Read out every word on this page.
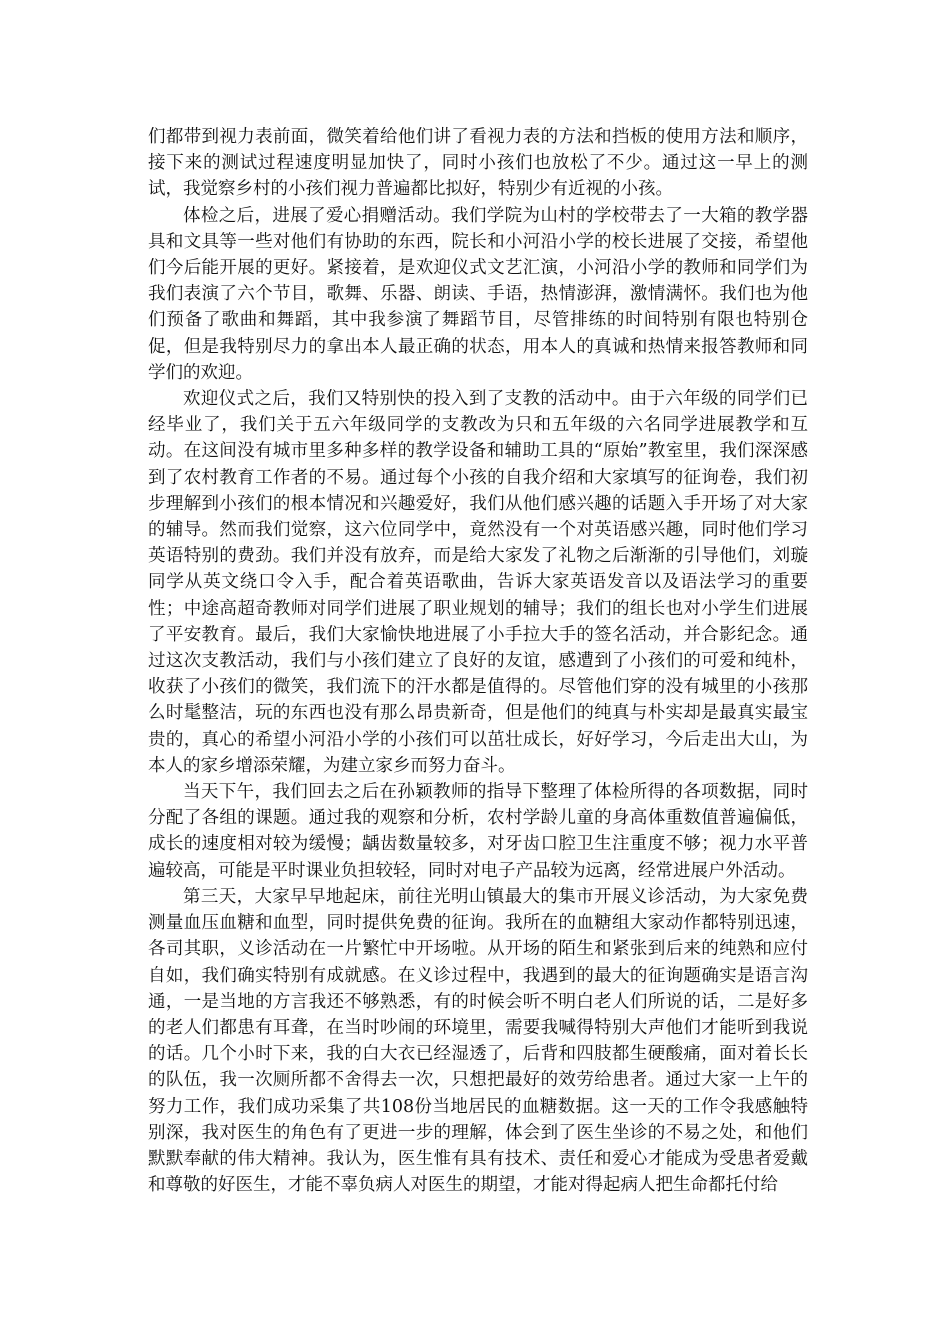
们都带到视力表前面，微笑着给他们讲了看视力表的方法和挡板的使用方法和顺序，接下来的测试过程速度明显加快了，同时小孩们也放松了不少。通过这一早上的测试，我觉察乡村的小孩们视力普遍都比拟好，特别少有近视的小孩。

体检之后，进展了爱心捐赠活动。我们学院为山村的学校带去了一大箱的教学器具和文具等一些对他们有协助的东西，院长和小河沿小学的校长进展了交接，希望他们今后能开展的更好。紧接着，是欢迎仪式文艺汇演，小河沿小学的教师和同学们为我们表演了六个节目，歌舞、乐器、朗读、手语，热情澎湃，激情满怀。我们也为他们预备了歌曲和舞蹈，其中我参演了舞蹈节目，尽管排练的时间特别有限也特别仓促，但是我特别尽力的拿出本人最正确的状态，用本人的真诚和热情来报答教师和同学们的欢迎。

欢迎仪式之后，我们又特别快的投入到了支教的活动中。由于六年级的同学们已经毕业了，我们关于五六年级同学的支教改为只和五年级的六名同学进展教学和互动。在这间没有城市里多种多样的教学设备和辅助工具的“原始”教室里，我们深深感到了农村教育工作者的不易。通过每个小孩的自我介绍和大家填写的征询卷，我们初步理解到小孩们的根本情况和兴趣爱好，我们从他们感兴趣的话题入手开场了对大家的辅导。然而我们觉察，这六位同学中，竟然没有一个对英语感兴趣，同时他们学习英语特别的费劲。我们并没有放弃，而是给大家发了礼物之后渐渐的引导他们，刘璇同学从英文绕口令入手，配合着英语歌曲，告诉大家英语发音以及语法学习的重要性；中途高超奇教师对同学们进展了职业规划的辅导；我们的组长也对小学生们进展了平安教育。最后，我们大家愉快地进展了小手拉大手的签名活动，并合影纪念。通过这次支教活动，我们与小孩们建立了良好的友谊，感遭到了小孩们的可爱和纯朴，收获了小孩们的微笑，我们流下的汗水都是值得的。尽管他们穿的没有城里的小孩那么时髦整洁，玩的东西也没有那么昂贵新奇，但是他们的纯真与朴实却是最真实最宝贵的，真心的希望小河沿小学的小孩们可以茁壮成长，好好学习，今后走出大山，为本人的家乡增添荣耀，为建立家乡而努力奋斗。

当天下午，我们回去之后在孙颖教师的指导下整理了体检所得的各项数据，同时分配了各组的课题。通过我的观察和分析，农村学龄儿童的身高体重数值普遍偏低，成长的速度相对较为缓慢；龋齿数量较多，对牙齿口腔卫生注重度不够；视力水平普遍较高，可能是平时课业负担较轻，同时对电子产品较为远离，经常进展户外活动。

第三天，大家早早地起床，前往光明山镇最大的集市开展义诊活动，为大家免费测量血压血糖和血型，同时提供免费的征询。我所在的血糖组大家动作都特别迅速，各司其职，义诊活动在一片繁忙中开场啦。从开场的陌生和紧张到后来的纯熟和应付自如，我们确实特别有成就感。在义诊过程中，我遇到的最大的征询题确实是语言沟通，一是当地的方言我还不够熟悉，有的时候会听不明白老人们所说的话，二是好多的老人们都患有耳聋，在当时吵闹的环境里，需要我喊得特别大声他们才能听到我说的话。几个小时下来，我的白大衣已经湿透了，后背和四肢都生硬酸痛，面对着长长的队伍，我一次厕所都不舍得去一次，只想把最好的效劳给患者。通过大家一上午的努力工作，我们成功采集了共108份当地居民的血糖数据。这一天的工作令我感触特别深，我对医生的角色有了更进一步的理解，体会到了医生坐诊的不易之处，和他们默默奉献的伟大精神。我认为，医生惟有具有技术、责任和爱心才能成为受患者爱戴和尊敬的好医生，才能不辜负病人对医生的期望，才能对得起病人把生命都托付给
